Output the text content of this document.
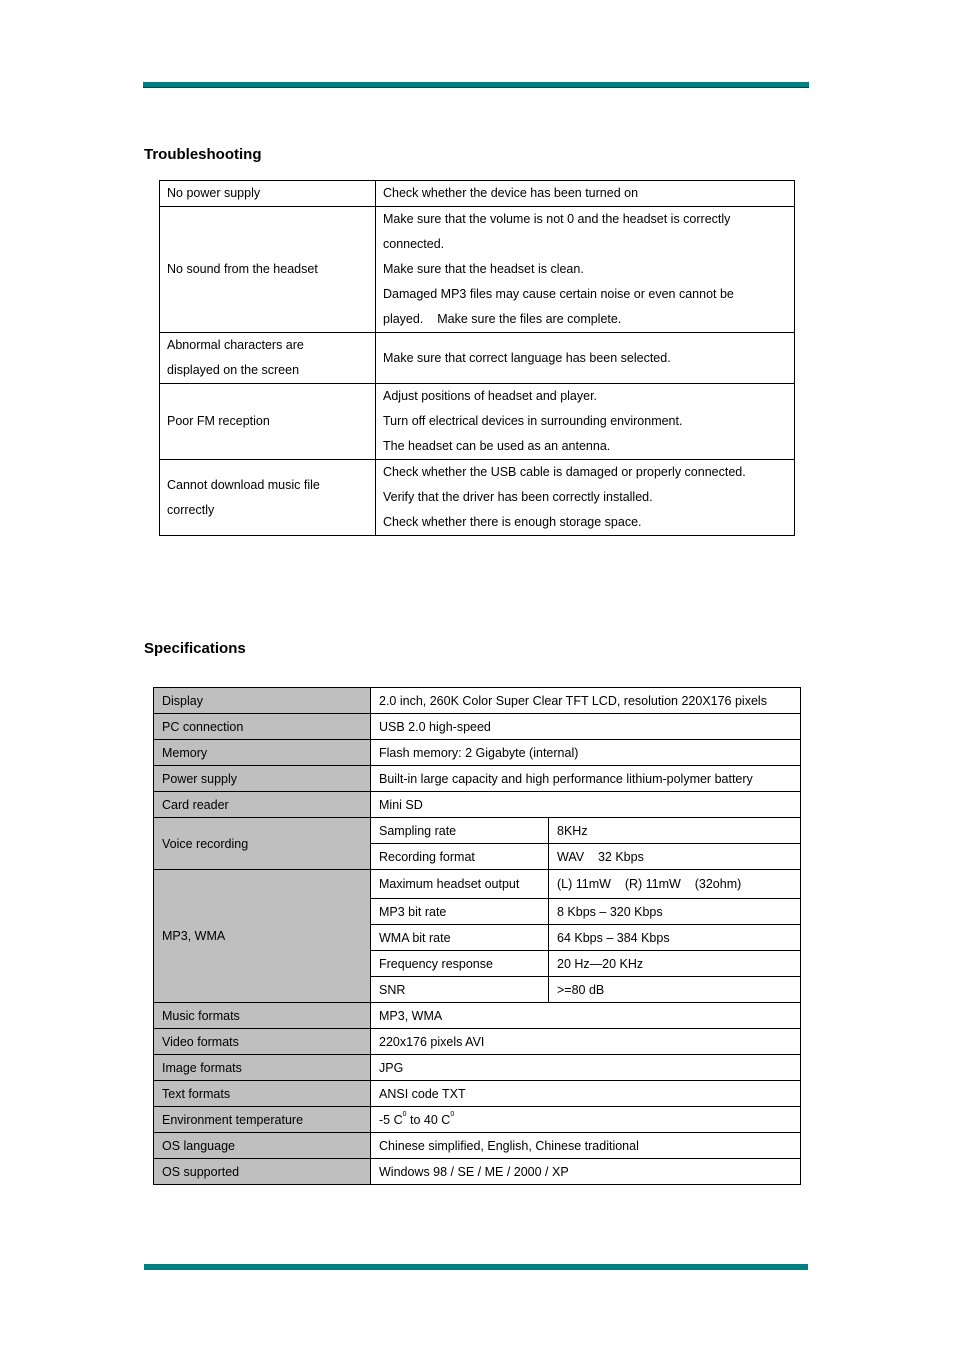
Troubleshooting
No power supply	Check whether the device has been turned on

No sound from the headset	Make sure that the volume is not 0 and the headset is correctly
connected.
Make sure that the headset is clean.
Damaged MP3 files may cause certain noise or even cannot be
played.    Make sure the files are complete.

Abnormal characters are
displayed on the screen	Make sure that correct language has been selected.

Poor FM reception	Adjust positions of headset and player.
Turn off electrical devices in surrounding environment.
The headset can be used as an antenna.

Cannot download music file
correctly	Check whether the USB cable is damaged or properly connected.
Verify that the driver has been correctly installed.
Check whether there is enough storage space.
Specifications
Display	2.0 inch, 260K Color Super Clear TFT LCD, resolution 220X176 pixels	
PC connection	USB 2.0 high-speed	
Memory	Flash memory: 2 Gigabyte (internal)	
Power supply	Built-in large capacity and high performance lithium-polymer battery	
Card reader	Mini SD	
Voice recording	Sampling rate	8KHz
	Recording format	WAV    32 Kbps
MP3, WMA	Maximum headset output	(L) 11mW    (R) 11mW    (32ohm)
	MP3 bit rate	8 Kbps – 320 Kbps
	WMA bit rate	64 Kbps – 384 Kbps
	Frequency response	20 Hz—20 KHz
	SNR	>=80 dB
Music formats	MP3, WMA	
Video formats	220x176 pixels AVI	
Image formats	JPG	
Text formats	ANSI code TXT	
Environment temperature	-5 $C^0$ to 40 $C^0$
OS language	Chinese simplified, English, Chinese traditional	
OS supported	Windows 98 / SE / ME / 2000 / XP	
